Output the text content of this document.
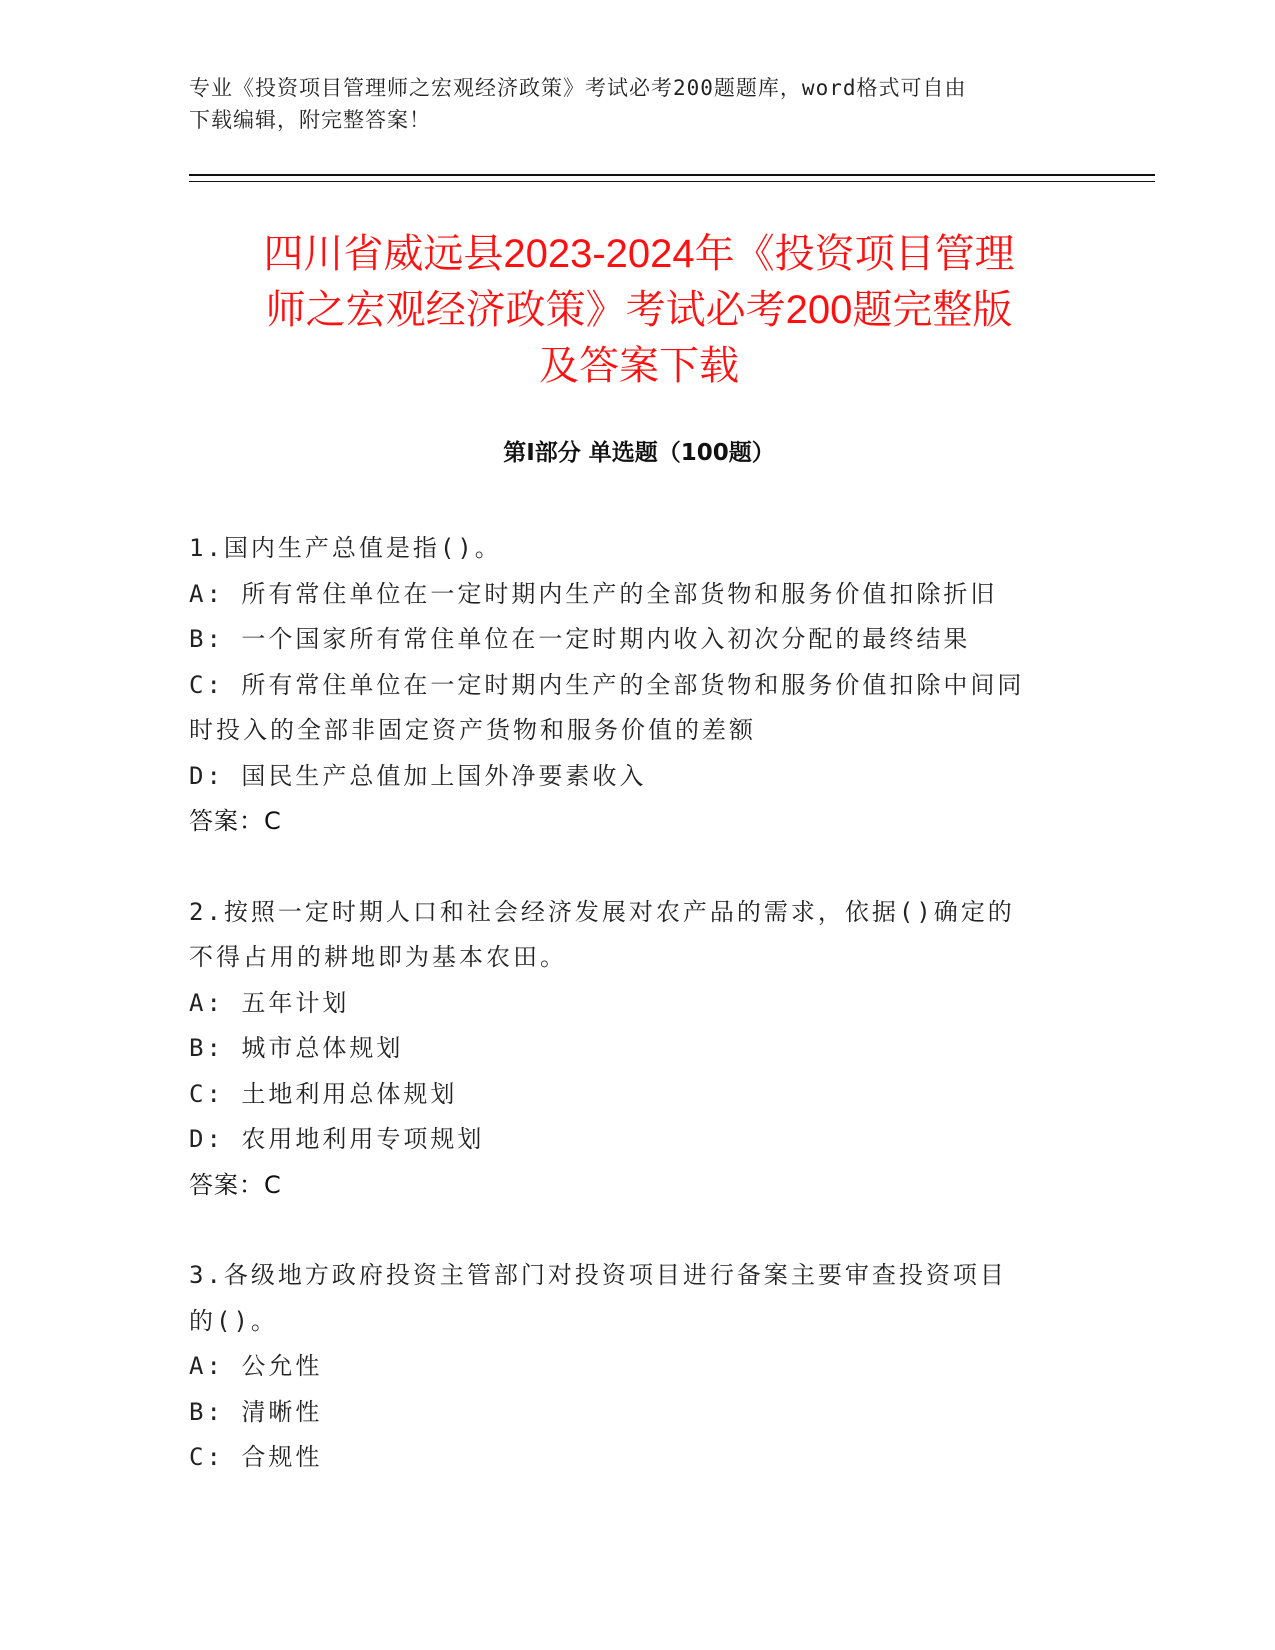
专业《投资项目管理师之宏观经济政策》考试必考200题题库，word格式可自由
下载编辑，附完整答案！
四川省威远县2023-2024年《投资项目管理
师之宏观经济政策》考试必考200题完整版
及答案下载
第Ⅰ部分 单选题（100题）

1.国内生产总值是指()。

A: 所有常住单位在一定时期内生产的全部货物和服务价值扣除折旧

B: 一个国家所有常住单位在一定时期内收入初次分配的最终结果

C: 所有常住单位在一定时期内生产的全部货物和服务价值扣除中间同
时投入的全部非固定资产货物和服务价值的差额

D: 国民生产总值加上国外净要素收入

答案：C

2.按照一定时期人口和社会经济发展对农产品的需求，依据()确定的
不得占用的耕地即为基本农田。

A: 五年计划

B: 城市总体规划

C: 土地利用总体规划

D: 农用地利用专项规划

答案：C

3.各级地方政府投资主管部门对投资项目进行备案主要审查投资项目
的()。

A: 公允性

B: 清晰性

C: 合规性
